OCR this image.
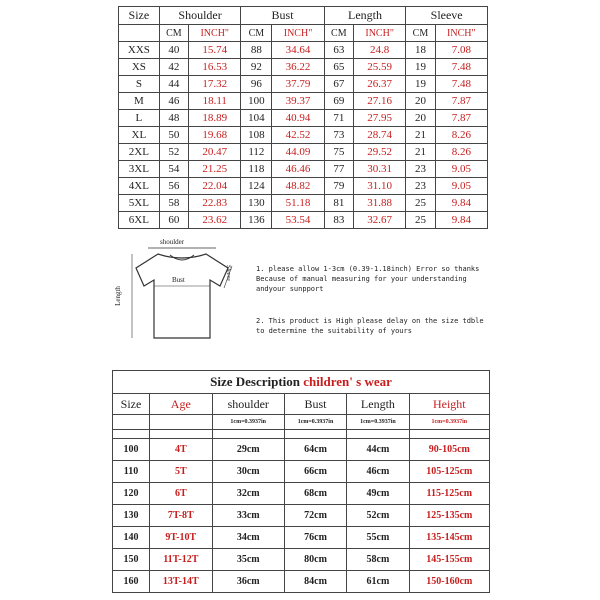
Size	Shoulder		Bust		Length		Sleeve	
	CM	INCH"	CM	INCH"	CM	INCH"	CM	INCH"
XXS	40	15.74	88	34.64	63	24.8	18	7.08
XS	42	16.53	92	36.22	65	25.59	19	7.48
S	44	17.32	96	37.79	67	26.37	19	7.48
M	46	18.11	100	39.37	69	27.16	20	7.87
L	48	18.89	104	40.94	71	27.95	20	7.87
XL	50	19.68	108	42.52	73	28.74	21	8.26
2XL	52	20.47	112	44.09	75	29.52	21	8.26
3XL	54	21.25	118	46.46	77	30.31	23	9.05
4XL	56	22.04	124	48.82	79	31.10	23	9.05
5XL	58	22.83	130	51.18	81	31.88	25	9.84
6XL	60	23.62	136	53.54	83	32.67	25	9.84
shoulder
Bust
Length
Sleeve	1. please allow 1-3cm (0.39-1.18inch) Error so thanks Because of manual measuring for your understanding andyour sunpport

2. This product is High please delay on the size tdble to determine the suitability of yours

Size Description children' s wear					
Size	Age	shoulder	Bust	Length	Height
		1cm=0.3937in	1cm=0.3937in	1cm=0.3937in	1cm=0.3937in

100	4T	29cm	64cm	44cm	90-105cm
110	5T	30cm	66cm	46cm	105-125cm
120	6T	32cm	68cm	49cm	115-125cm
130	7T-8T	33cm	72cm	52cm	125-135cm
140	9T-10T	34cm	76cm	55cm	135-145cm
150	11T-12T	35cm	80cm	58cm	145-155cm
160	13T-14T	36cm	84cm	61cm	150-160cm
